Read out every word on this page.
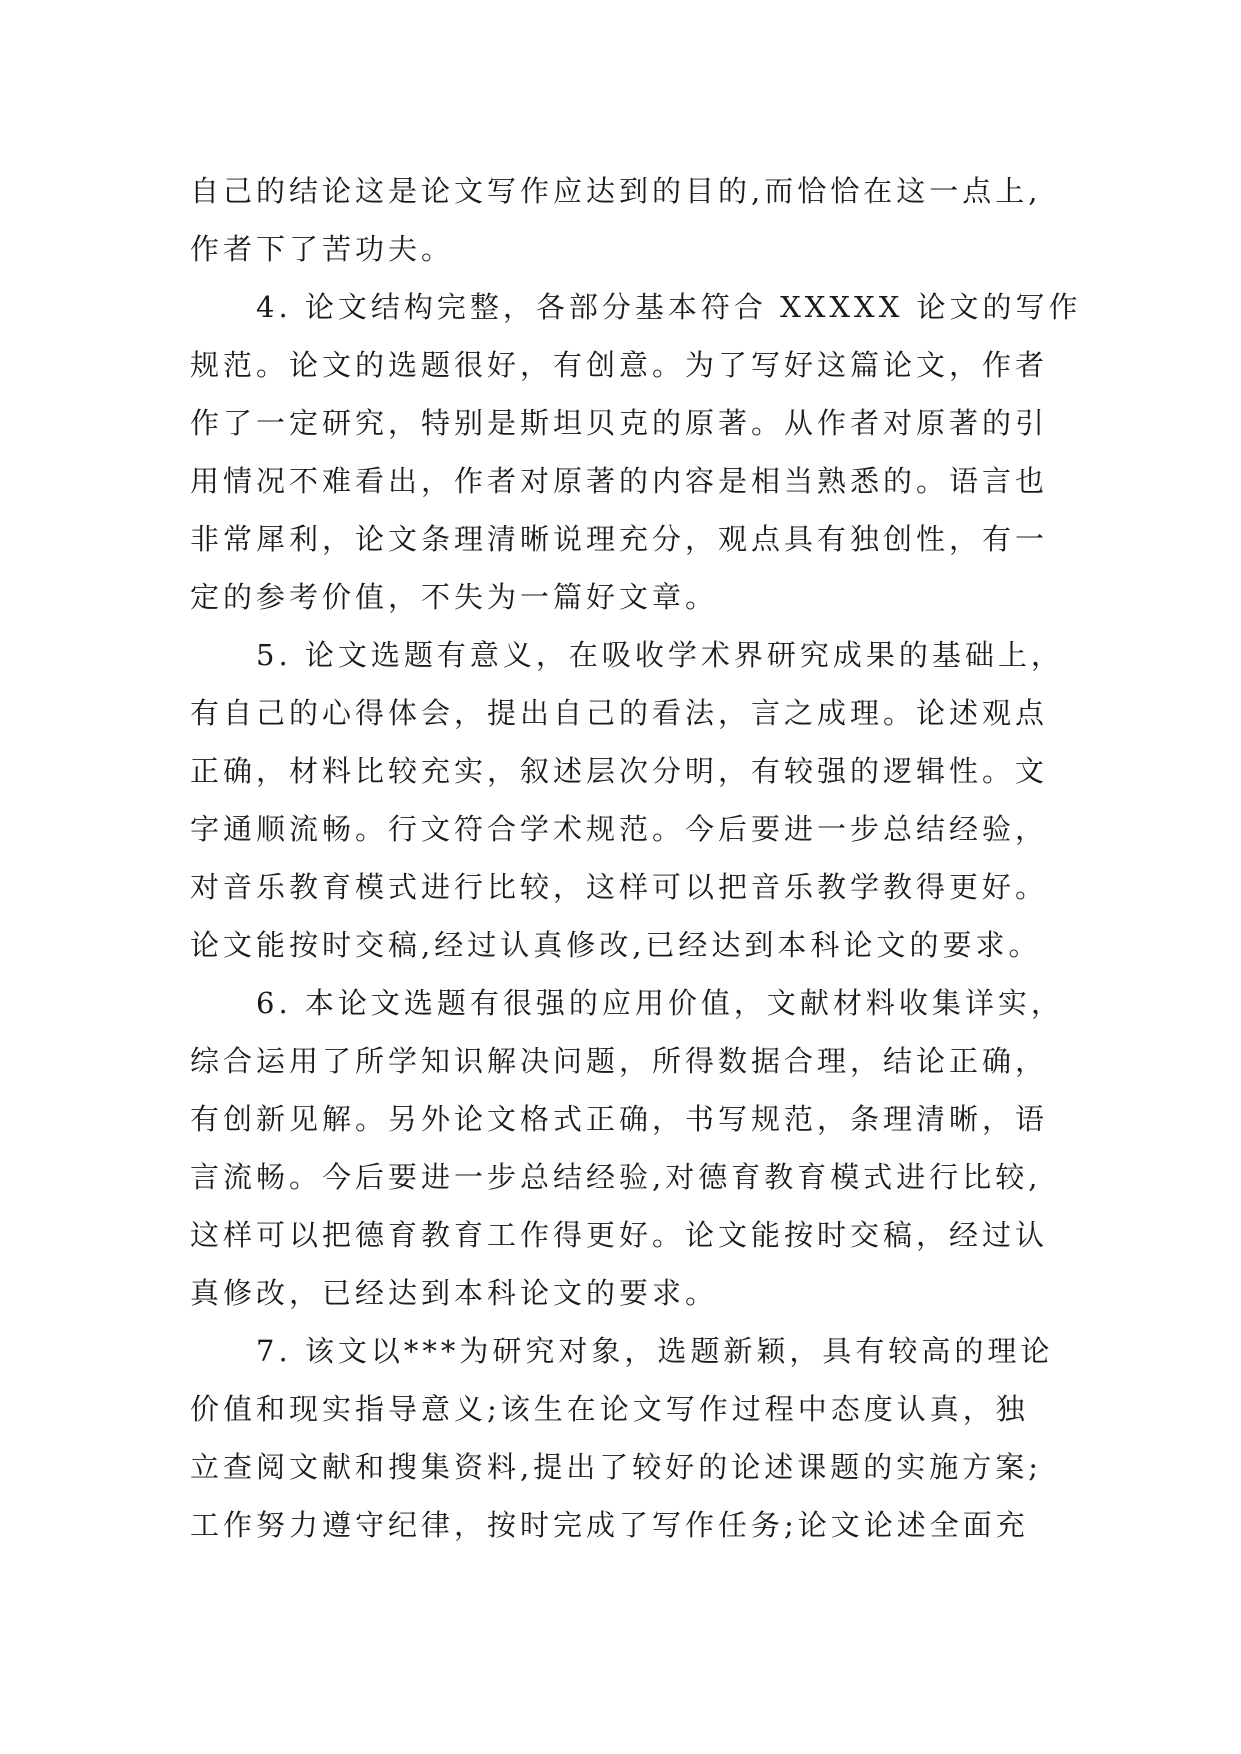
自己的结论这是论文写作应达到的目的,而恰恰在这一点上,
作者下了苦功夫。
4. 论文结构完整，各部分基本符合 XXXXX 论文的写作
规范。论文的选题很好，有创意。为了写好这篇论文，作者
作了一定研究，特别是斯坦贝克的原著。从作者对原著的引
用情况不难看出，作者对原著的内容是相当熟悉的。语言也
非常犀利，论文条理清晰说理充分，观点具有独创性，有一
定的参考价值，不失为一篇好文章。
5. 论文选题有意义，在吸收学术界研究成果的基础上，
有自己的心得体会，提出自己的看法，言之成理。论述观点
正确，材料比较充实，叙述层次分明，有较强的逻辑性。文
字通顺流畅。行文符合学术规范。今后要进一步总结经验，
对音乐教育模式进行比较，这样可以把音乐教学教得更好。
论文能按时交稿,经过认真修改,已经达到本科论文的要求。
6. 本论文选题有很强的应用价值，文献材料收集详实，
综合运用了所学知识解决问题，所得数据合理，结论正确，
有创新见解。另外论文格式正确，书写规范，条理清晰，语
言流畅。今后要进一步总结经验,对德育教育模式进行比较,
这样可以把德育教育工作得更好。论文能按时交稿，经过认
真修改，已经达到本科论文的要求。
7. 该文以***为研究对象，选题新颖，具有较高的理论
价值和现实指导意义;该生在论文写作过程中态度认真，独
立查阅文献和搜集资料,提出了较好的论述课题的实施方案;
工作努力遵守纪律，按时完成了写作任务;论文论述全面充
